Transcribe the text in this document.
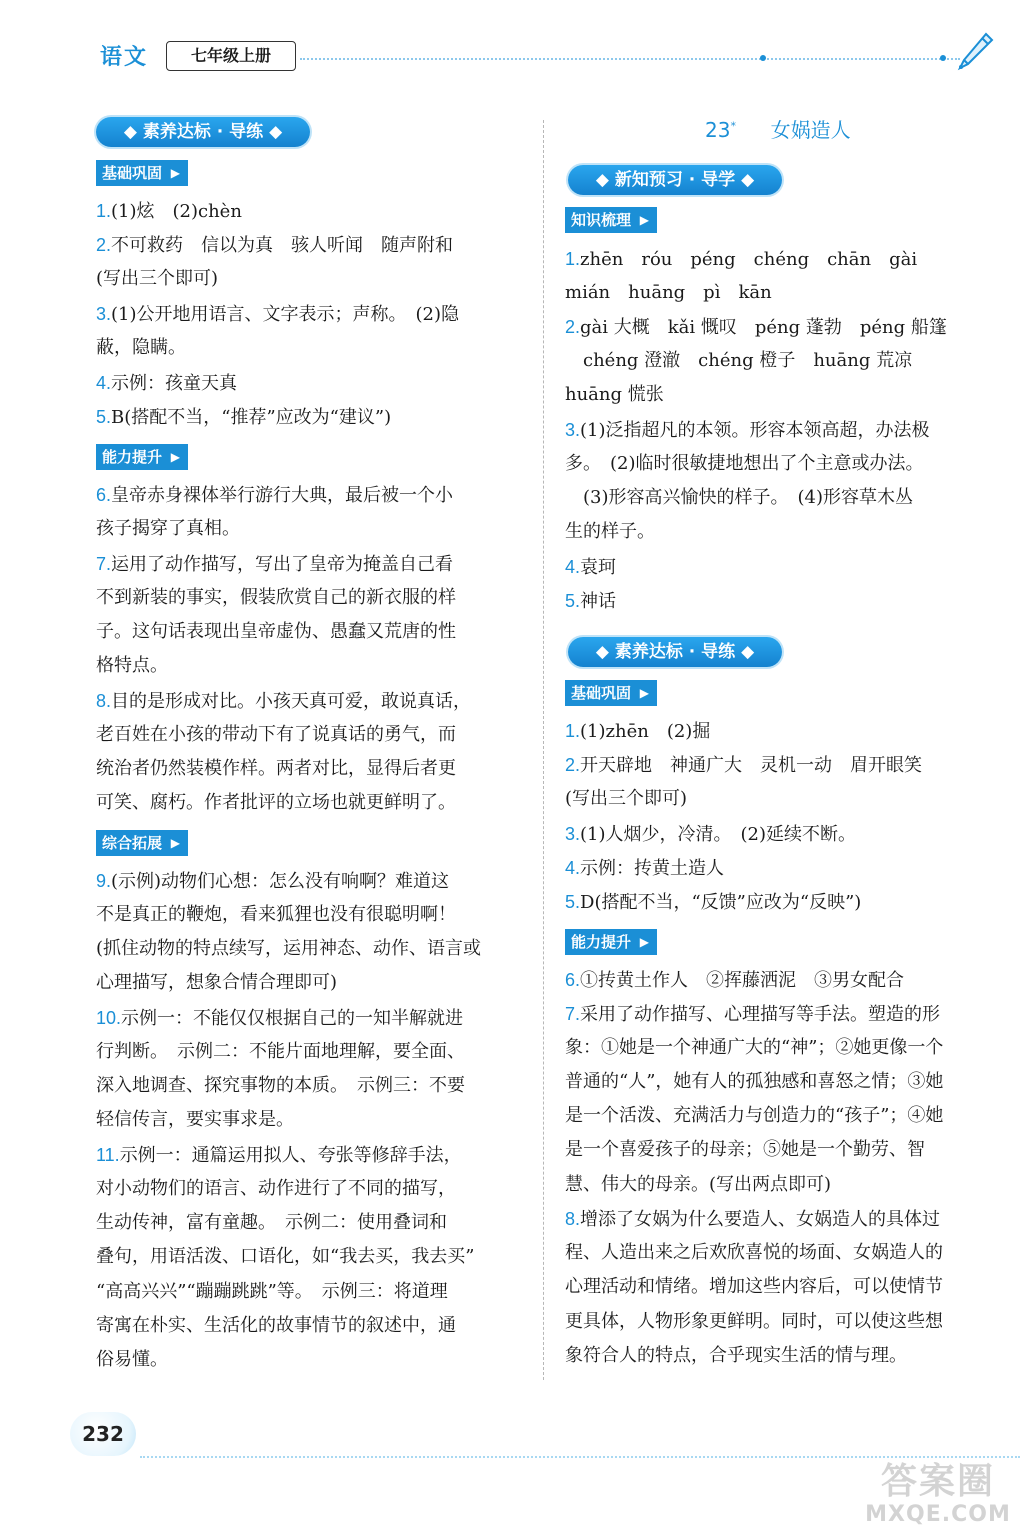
语文	七年级上册
◆ 素养达标 · 导练 ◆
基础巩固 ▶
能力提升 ▶
综合拓展 ▶
1.(1)炫　(2)chèn
2.不可救药　信以为真　骇人听闻　随声附和
(写出三个即可)
3.(1)公开地用语言、文字表示；声称。　(2)隐
蔽，隐瞒。
4.示例：孩童天真
5.B(搭配不当，“推荐”应改为“建议”)
6.皇帝赤身裸体举行游行大典，最后被一个小
孩子揭穿了真相。
7.运用了动作描写，写出了皇帝为掩盖自己看
不到新装的事实，假装欣赏自己的新衣服的样
子。这句话表现出皇帝虚伪、愚蠢又荒唐的性
格特点。
8.目的是形成对比。小孩天真可爱，敢说真话，
老百姓在小孩的带动下有了说真话的勇气，而
统治者仍然装模作样。两者对比，显得后者更
可笑、腐朽。作者批评的立场也就更鲜明了。
9.(示例)动物们心想：怎么没有响啊？难道这
不是真正的鞭炮，看来狐狸也没有很聪明啊！
(抓住动物的特点续写，运用神态、动作、语言或
心理描写，想象合情合理即可)
10.示例一：不能仅仅根据自己的一知半解就进
行判断。　示例二：不能片面地理解，要全面、
深入地调查、探究事物的本质。　示例三：不要
轻信传言，要实事求是。
11.示例一：通篇运用拟人、夸张等修辞手法，
对小动物们的语言、动作进行了不同的描写，
生动传神，富有童趣。　示例二：使用叠词和
叠句，用语活泼、口语化，如“我去买，我去买”
“高高兴兴”“蹦蹦跳跳”等。　示例三：将道理
寄寓在朴实、生活化的故事情节的叙述中，通
俗易懂。
23* 女娲造人
◆ 新知预习 · 导学 ◆
知识梳理 ▶
◆ 素养达标 · 导练 ◆
基础巩固 ▶
能力提升 ▶
1.zhēn　róu　péng　chéng　chān　gài
mián　huāng　pì　kān
2.gài 大概　kǎi 慨叹　péng 蓬勃　péng 船篷
　chéng 澄澈　chéng 橙子　huāng 荒凉
huāng 慌张
3.(1)泛指超凡的本领。形容本领高超，办法极
多。　(2)临时很敏捷地想出了个主意或办法。
　(3)形容高兴愉快的样子。　(4)形容草木丛
生的样子。
4.袁珂
5.神话
1.(1)zhēn　(2)掘
2.开天辟地　神通广大　灵机一动　眉开眼笑
(写出三个即可)
3.(1)人烟少，冷清。　(2)延续不断。
4.示例：抟黄土造人
5.D(搭配不当，“反馈”应改为“反映”)
6.①抟黄土作人　②挥藤洒泥　③男女配合
7.采用了动作描写、心理描写等手法。塑造的形
象：①她是一个神通广大的“神”；②她更像一个
普通的“人”，她有人的孤独感和喜怒之情；③她
是一个活泼、充满活力与创造力的“孩子”；④她
是一个喜爱孩子的母亲；⑤她是一个勤劳、智
慧、伟大的母亲。(写出两点即可)
8.增添了女娲为什么要造人、女娲造人的具体过
程、人造出来之后欢欣喜悦的场面、女娲造人的
心理活动和情绪。增加这些内容后，可以使情节
更具体，人物形象更鲜明。同时，可以使这些想
象符合人的特点，合乎现实生活的情与理。
232
答案圈
MXQE.COM
